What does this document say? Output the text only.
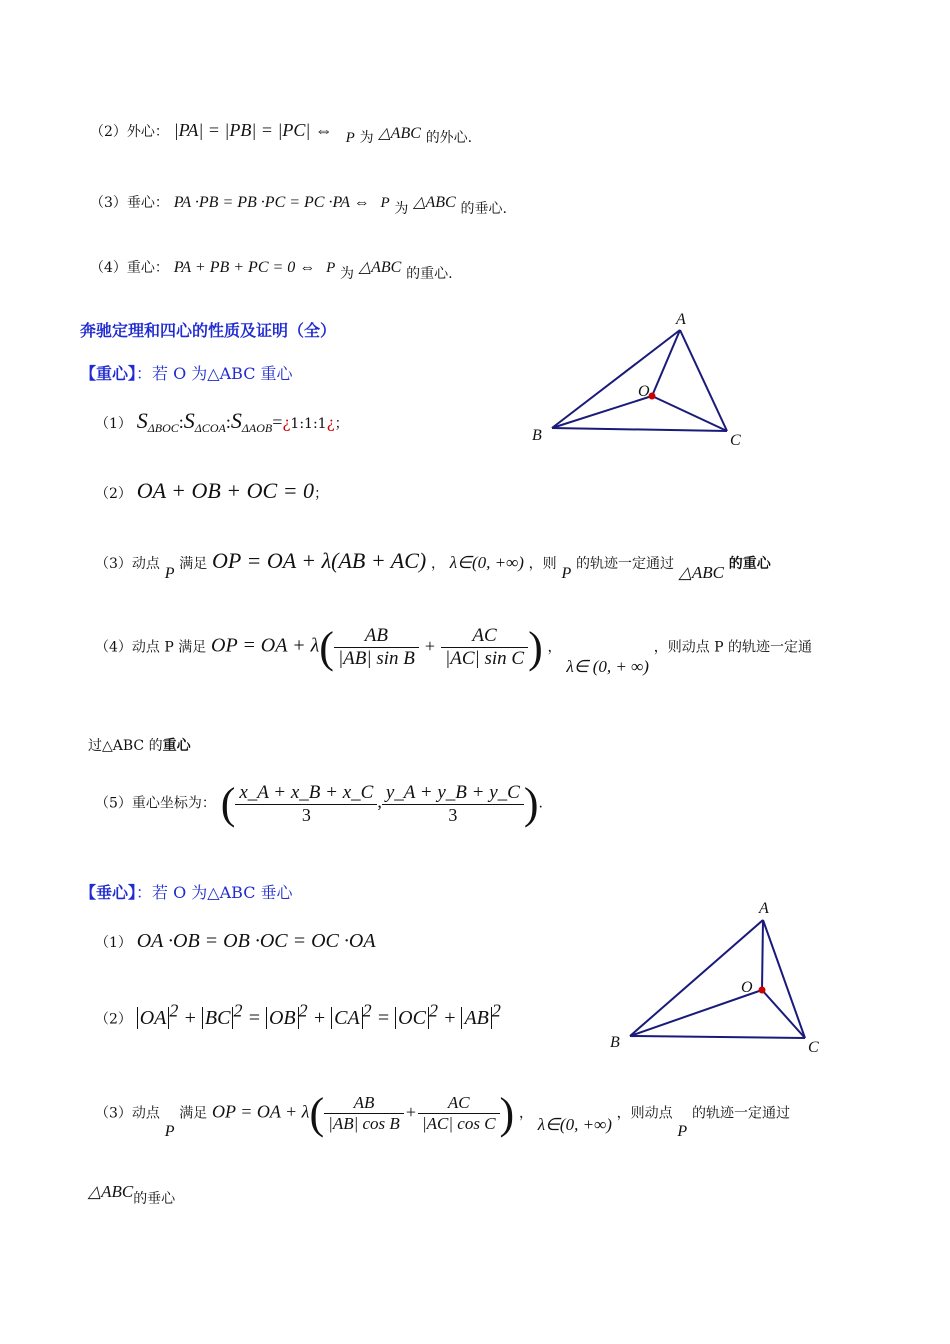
（2）外心： |PA| = |PB| = |PC| ⇔ P 为 △ABC 的外心.
（3）垂心： PA ·PB = PB ·PC = PC ·PA ⇔ P 为 △ABC 的垂心.
（4）重心： PA + PB + PC = 0 ⇔ P 为 △ABC 的重心.
奔驰定理和四心的性质及证明（全）
【重心】：若 O 为△ABC 重心
（1） $S_{\Delta BOC}:S_{\Delta COA}:S_{\Delta AOB}=¿1:1:1¿$；
（2） OA + OB + OC = 0；
（3）动点 P 满足 OP = OA + λ(AB + AC) ， λ∈(0, +∞) ，则 P 的轨迹一定通过 △ABC 的重心
（4）动点 P 满足 OP = OA + $\lambda( \frac{AB}{\text{|AB| sin B}} + \frac{AC}{\text{|AC| sin C}}$ ) ， λ∈ (0, + ∞) ，则动点 P 的轨迹一定通
过△ABC 的重心
（5）重心坐标为： ( $\frac{x\_A + x\_B + x\_C}{3}$ , $\frac{y\_A + y\_B + y\_C}{3}$ ).
A
B	C
O
【垂心】：若 O 为△ABC 垂心
（1） OA ·OB = OB ·OC = OC ·OA
（2） OA $^2$ + BC $^2$ = OB $^2$ + CA $^2$ = OC $^2$ + AB $^2$
（3）动点 P 满足 OP = OA + $\lambda( \frac{AB}{\text{|AB| cos B}} + \frac{AC}{\text{|AC| cos C}}$ ) ， λ∈(0, +∞) ，则动点 P 的轨迹一定通过
△ABC的垂心
A
B	C
O
